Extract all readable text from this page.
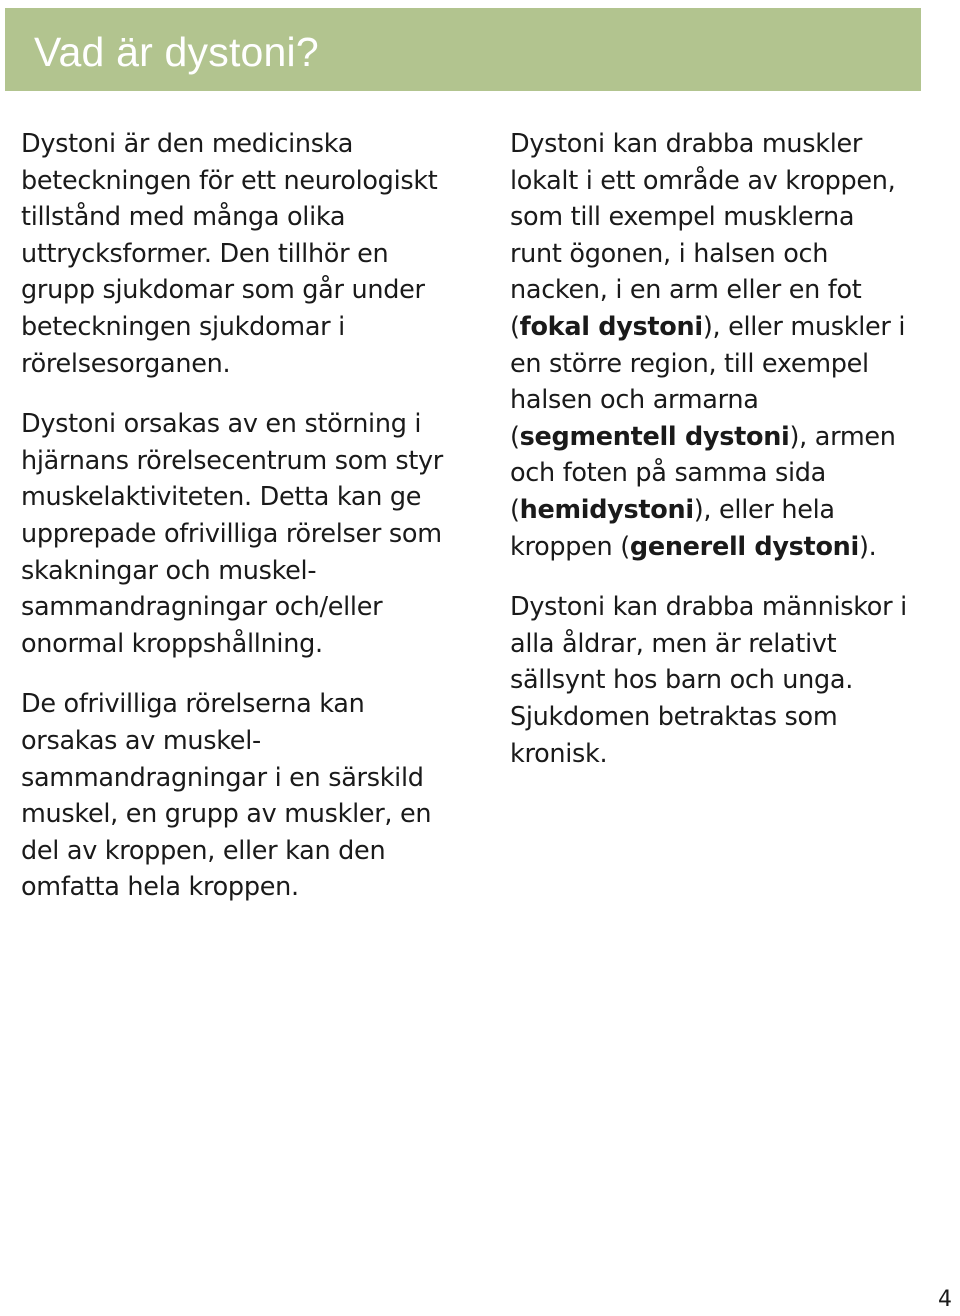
Vad är dystoni?

Dystoni är den medicinska
beteckningen för ett neurologiskt
tillstånd med många olika
uttrycksformer. Den tillhör en
grupp sjukdomar som går under
beteckningen sjukdomar i
rörelsesorganen.

Dystoni orsakas av en störning i
hjärnans rörelsecentrum som styr
muskelaktiviteten. Detta kan ge
upprepade ofrivilliga rörelser som
skakningar och muskel-
sammandragningar och/eller
onormal kroppshållning.

De ofrivilliga rörelserna kan
orsakas av muskel-
sammandragningar i en särskild
muskel, en grupp av muskler, en
del av kroppen, eller kan den
omfatta hela kroppen.

Dystoni kan drabba muskler
lokalt i ett område av kroppen,
som till exempel musklerna
runt ögonen, i halsen och
nacken, i en arm eller en fot
(fokal dystoni), eller muskler i
en större region, till exempel
halsen och armarna
(segmentell dystoni), armen
och foten på samma sida
(hemidystoni), eller hela
kroppen (generell dystoni).

Dystoni kan drabba människor i
alla åldrar, men är relativt
sällsynt hos barn och unga.
Sjukdomen betraktas som
kronisk.

4
